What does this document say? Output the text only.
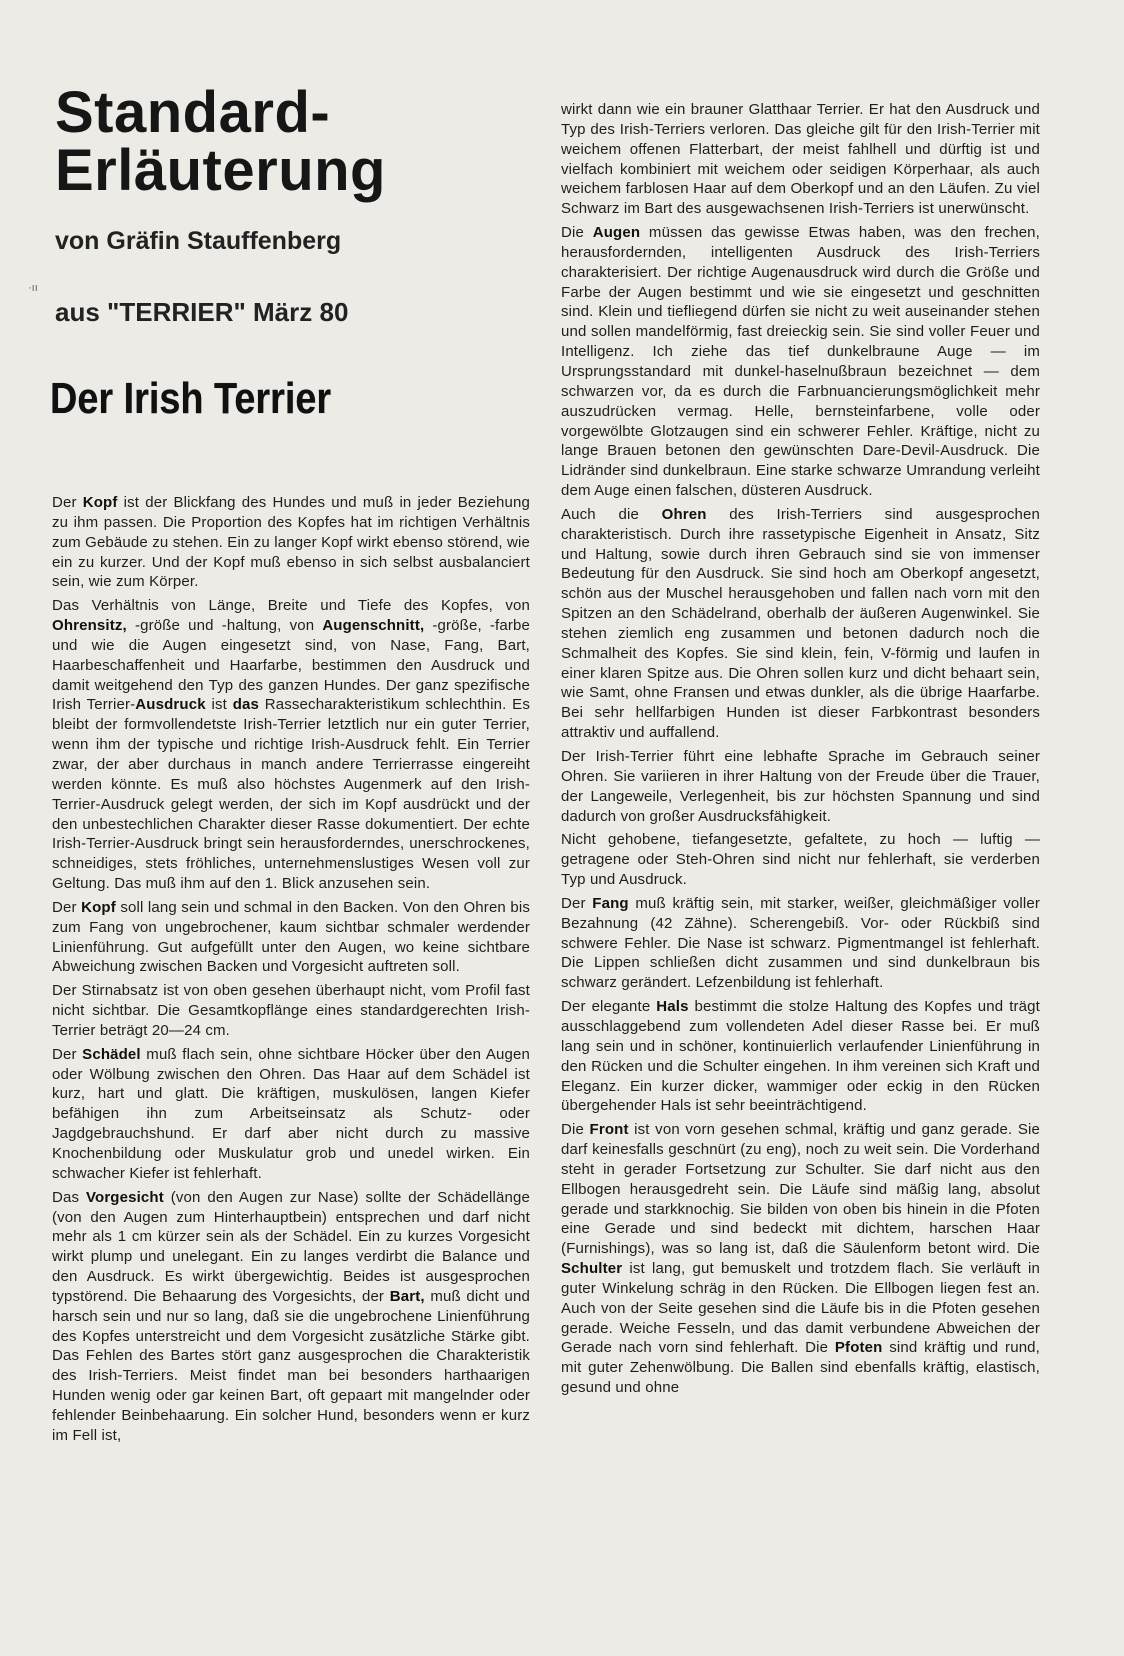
Standard-
Erläuterung
von Gräfin Stauffenberg
·ıı
aus "TERRIER" März 80
Der Irish Terrier

Der Kopf ist der Blickfang des Hundes und muß in jeder Beziehung zu ihm passen. Die Proportion des Kopfes hat im richtigen Verhältnis zum Gebäude zu stehen. Ein zu langer Kopf wirkt ebenso störend, wie ein zu kurzer. Und der Kopf muß ebenso in sich selbst ausbalanciert sein, wie zum Körper.

Das Verhältnis von Länge, Breite und Tiefe des Kopfes, von Ohrensitz, -größe und -haltung, von Augenschnitt, -größe, -farbe und wie die Augen eingesetzt sind, von Nase, Fang, Bart, Haarbeschaffenheit und Haarfarbe, bestimmen den Ausdruck und damit weitgehend den Typ des ganzen Hundes. Der ganz spezifische Irish Terrier-Ausdruck ist das Rassecharakteristikum schlechthin. Es bleibt der formvollendetste Irish-Terrier letztlich nur ein guter Terrier, wenn ihm der typische und richtige Irish-Ausdruck fehlt. Ein Terrier zwar, der aber durchaus in manch andere Terrierrasse eingereiht werden könnte. Es muß also höchstes Augenmerk auf den Irish-Terrier-Ausdruck gelegt werden, der sich im Kopf ausdrückt und der den unbestechlichen Charakter dieser Rasse dokumentiert. Der echte Irish-Terrier-Ausdruck bringt sein herausforderndes, unerschrockenes, schneidiges, stets fröhliches, unternehmenslustiges Wesen voll zur Geltung. Das muß ihm auf den 1. Blick anzusehen sein.

Der Kopf soll lang sein und schmal in den Backen. Von den Ohren bis zum Fang von ungebrochener, kaum sichtbar schmaler werdender Linienführung. Gut aufgefüllt unter den Augen, wo keine sichtbare Abweichung zwischen Backen und Vorgesicht auftreten soll.

Der Stirnabsatz ist von oben gesehen überhaupt nicht, vom Profil fast nicht sichtbar. Die Gesamtkopflänge eines standardgerechten Irish-Terrier beträgt 20—24 cm.

Der Schädel muß flach sein, ohne sichtbare Höcker über den Augen oder Wölbung zwischen den Ohren. Das Haar auf dem Schädel ist kurz, hart und glatt. Die kräftigen, muskulösen, langen Kiefer befähigen ihn zum Arbeitseinsatz als Schutz- oder Jagdgebrauchshund. Er darf aber nicht durch zu massive Knochenbildung oder Muskulatur grob und unedel wirken. Ein schwacher Kiefer ist fehlerhaft.

Das Vorgesicht (von den Augen zur Nase) sollte der Schädellänge (von den Augen zum Hinterhauptbein) entsprechen und darf nicht mehr als 1 cm kürzer sein als der Schädel. Ein zu kurzes Vorgesicht wirkt plump und unelegant. Ein zu langes verdirbt die Balance und den Ausdruck. Es wirkt übergewichtig. Beides ist ausgesprochen typstörend. Die Behaarung des Vorgesichts, der Bart, muß dicht und harsch sein und nur so lang, daß sie die ungebrochene Linienführung des Kopfes unterstreicht und dem Vorgesicht zusätzliche Stärke gibt. Das Fehlen des Bartes stört ganz ausgesprochen die Charakteristik des Irish-Terriers. Meist findet man bei besonders harthaarigen Hunden wenig oder gar keinen Bart, oft gepaart mit mangelnder oder fehlender Beinbehaarung. Ein solcher Hund, besonders wenn er kurz im Fell ist,

wirkt dann wie ein brauner Glatthaar Terrier. Er hat den Ausdruck und Typ des Irish-Terriers verloren. Das gleiche gilt für den Irish-Terrier mit weichem offenen Flatterbart, der meist fahlhell und dürftig ist und vielfach kombiniert mit weichem oder seidigen Körperhaar, als auch weichem farblosen Haar auf dem Oberkopf und an den Läufen. Zu viel Schwarz im Bart des ausgewachsenen Irish-Terriers ist unerwünscht.

Die Augen müssen das gewisse Etwas haben, was den frechen, herausfordernden, intelligenten Ausdruck des Irish-Terriers charakterisiert. Der richtige Augenausdruck wird durch die Größe und Farbe der Augen bestimmt und wie sie eingesetzt und geschnitten sind. Klein und tiefliegend dürfen sie nicht zu weit auseinander stehen und sollen mandelförmig, fast dreieckig sein. Sie sind voller Feuer und Intelligenz. Ich ziehe das tief dunkelbraune Auge — im Ursprungsstandard mit dunkel-haselnußbraun bezeichnet — dem schwarzen vor, da es durch die Farbnuancierungsmöglichkeit mehr auszudrücken vermag. Helle, bernsteinfarbene, volle oder vorgewölbte Glotzaugen sind ein schwerer Fehler. Kräftige, nicht zu lange Brauen betonen den gewünschten Dare-Devil-Ausdruck. Die Lidränder sind dunkelbraun. Eine starke schwarze Umrandung verleiht dem Auge einen falschen, düsteren Ausdruck.

Auch die Ohren des Irish-Terriers sind ausgesprochen charakteristisch. Durch ihre rassetypische Eigenheit in Ansatz, Sitz und Haltung, sowie durch ihren Gebrauch sind sie von immenser Bedeutung für den Ausdruck. Sie sind hoch am Oberkopf angesetzt, schön aus der Muschel herausgehoben und fallen nach vorn mit den Spitzen an den Schädelrand, oberhalb der äußeren Augenwinkel. Sie stehen ziemlich eng zusammen und betonen dadurch noch die Schmalheit des Kopfes. Sie sind klein, fein, V-förmig und laufen in einer klaren Spitze aus. Die Ohren sollen kurz und dicht behaart sein, wie Samt, ohne Fransen und etwas dunkler, als die übrige Haarfarbe. Bei sehr hellfarbigen Hunden ist dieser Farbkontrast besonders attraktiv und auffallend.

Der Irish-Terrier führt eine lebhafte Sprache im Gebrauch seiner Ohren. Sie variieren in ihrer Haltung von der Freude über die Trauer, der Langeweile, Verlegenheit, bis zur höchsten Spannung und sind dadurch von großer Ausdrucksfähigkeit.

Nicht gehobene, tiefangesetzte, gefaltete, zu hoch — luftig — getragene oder Steh-Ohren sind nicht nur fehlerhaft, sie verderben Typ und Ausdruck.

Der Fang muß kräftig sein, mit starker, weißer, gleichmäßiger voller Bezahnung (42 Zähne). Scherengebiß. Vor- oder Rückbiß sind schwere Fehler. Die Nase ist schwarz. Pigmentmangel ist fehlerhaft. Die Lippen schließen dicht zusammen und sind dunkelbraun bis schwarz gerändert. Lefzenbildung ist fehlerhaft.

Der elegante Hals bestimmt die stolze Haltung des Kopfes und trägt ausschlaggebend zum vollendeten Adel dieser Rasse bei. Er muß lang sein und in schöner, kontinuierlich verlaufender Linienführung in den Rücken und die Schulter eingehen. In ihm vereinen sich Kraft und Eleganz. Ein kurzer dicker, wammiger oder eckig in den Rücken übergehender Hals ist sehr beeinträchtigend.

Die Front ist von vorn gesehen schmal, kräftig und ganz gerade. Sie darf keinesfalls geschnürt (zu eng), noch zu weit sein. Die Vorderhand steht in gerader Fortsetzung zur Schulter. Sie darf nicht aus den Ellbogen herausgedreht sein. Die Läufe sind mäßig lang, absolut gerade und starkknochig. Sie bilden von oben bis hinein in die Pfoten eine Gerade und sind bedeckt mit dichtem, harschen Haar (Furnishings), was so lang ist, daß die Säulenform betont wird. Die Schulter ist lang, gut bemuskelt und trotzdem flach. Sie verläuft in guter Winkelung schräg in den Rücken. Die Ellbogen liegen fest an. Auch von der Seite gesehen sind die Läufe bis in die Pfoten gesehen gerade. Weiche Fesseln, und das damit verbundene Abweichen der Gerade nach vorn sind fehlerhaft. Die Pfoten sind kräftig und rund, mit guter Zehenwölbung. Die Ballen sind ebenfalls kräftig, elastisch, gesund und ohne
